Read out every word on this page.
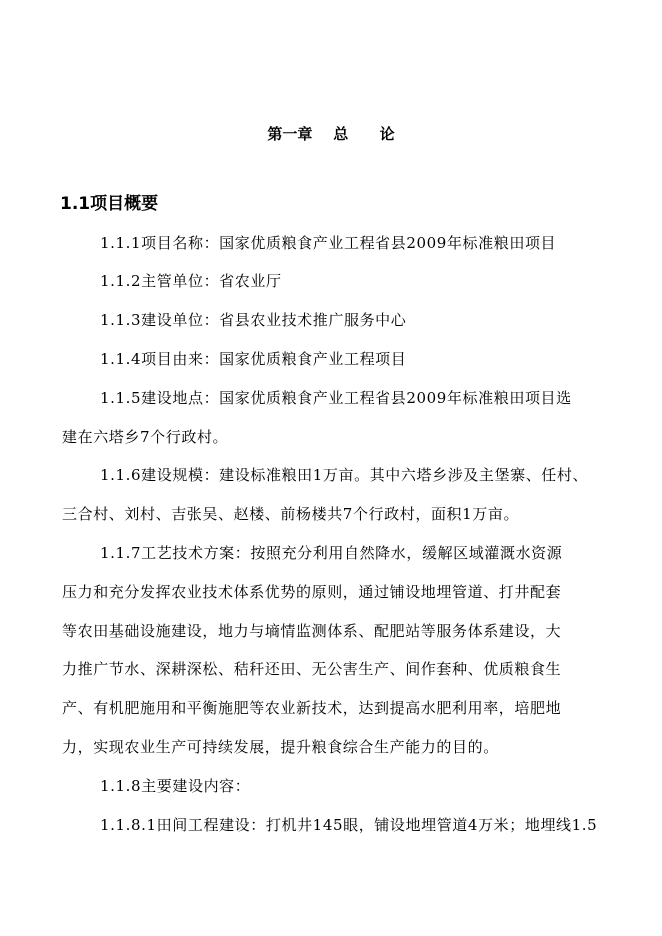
第一章    总      论
1.1项目概要
1.1.1项目名称：国家优质粮食产业工程省县2009年标准粮田项目
1.1.2主管单位：省农业厅
1.1.3建设单位：省县农业技术推广服务中心
1.1.4项目由来：国家优质粮食产业工程项目
1.1.5建设地点：国家优质粮食产业工程省县2009年标准粮田项目选
建在六塔乡7个行政村。
1.1.6建设规模：建设标准粮田1万亩。其中六塔乡涉及主堡寨、任村、
三合村、刘村、吉张吴、赵楼、前杨楼共7个行政村，面积1万亩。
1.1.7工艺技术方案：按照充分利用自然降水，缓解区域灌溉水资源
压力和充分发挥农业技术体系优势的原则，通过铺设地埋管道、打井配套
等农田基础设施建设，地力与墒情监测体系、配肥站等服务体系建设，大
力推广节水、深耕深松、秸秆还田、无公害生产、间作套种、优质粮食生
产、有机肥施用和平衡施肥等农业新技术，达到提高水肥利用率，培肥地
力，实现农业生产可持续发展，提升粮食综合生产能力的目的。
1.1.8主要建设内容：
1.1.8.1田间工程建设：打机井145眼，铺设地埋管道4万米；地埋线1.5
